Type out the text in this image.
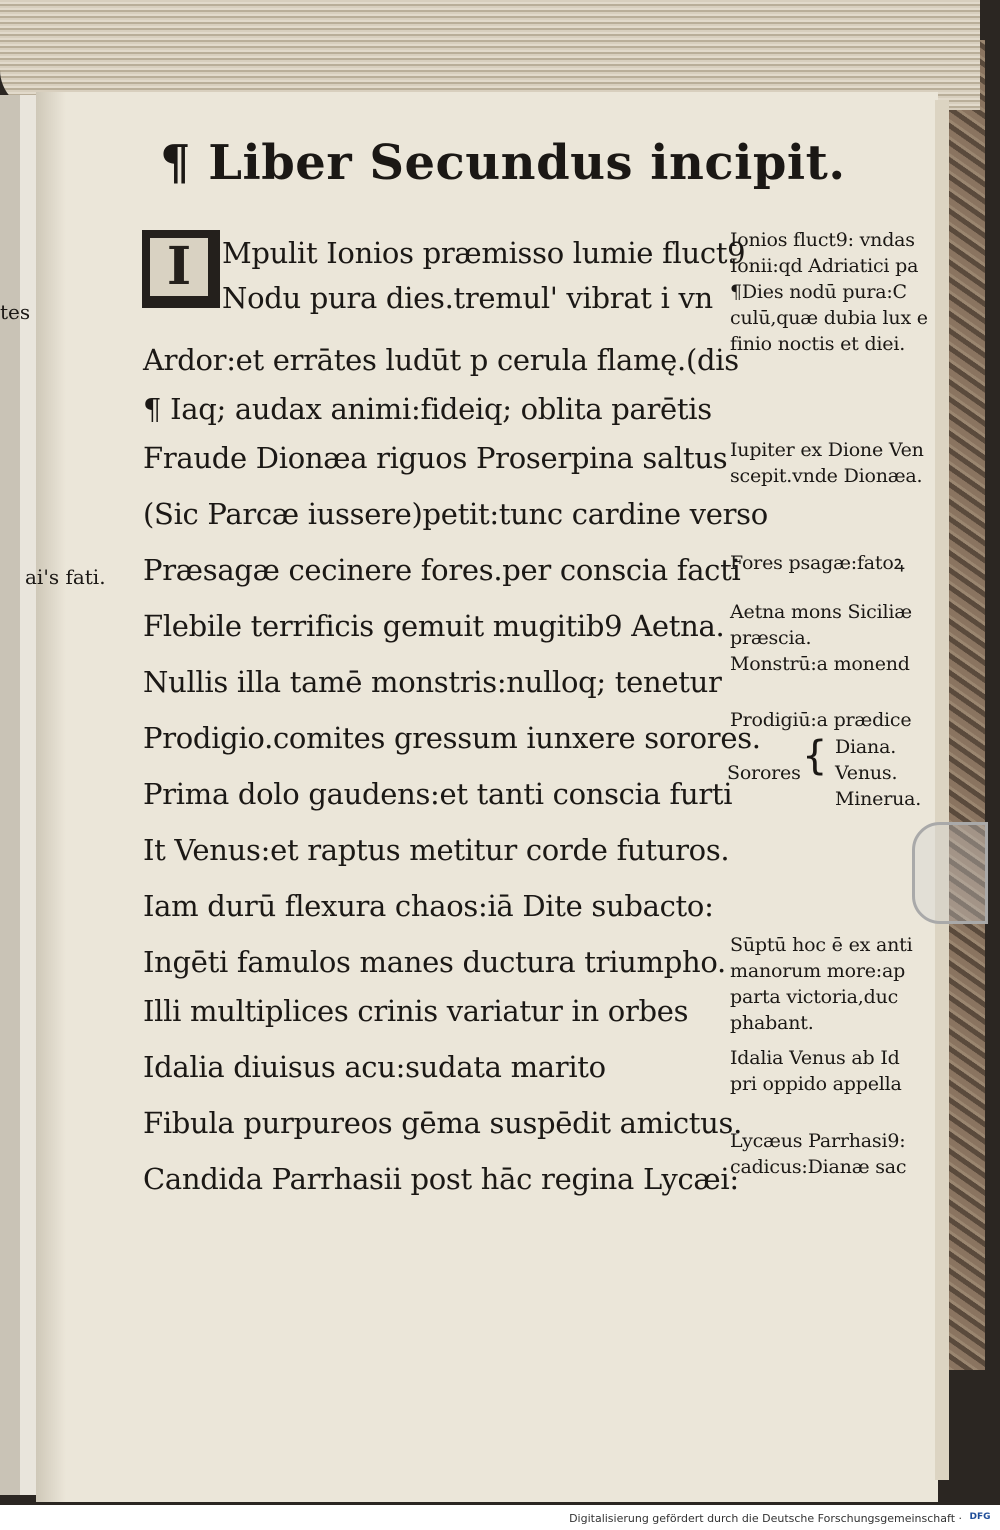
tes
ai's fati.
¶ Liber Secundus incipit.
I	Mpulit Ionios præmisso lumie fluct9
Nodu pura dies.tremul' vibrat i vn
Ardor:et errātes ludūt p cerula flamę.(dis
¶ Iaq; audax animi:fideiq; oblita parētis
Fraude Dionæa riguos Proserpina saltus
(Sic Parcæ iussere)petit:tunc cardine verso
Præsagæ cecinere fores.per conscia facti
Flebile terrificis gemuit mugitib9 Aetna.
Nullis illa tamē monstris:nulloq; tenetur
Prodigio.comites gressum iunxere sorores.
Prima dolo gaudens:et tanti conscia furti
It Venus:et raptus metitur corde futuros.
Iam durū flexura chaos:iā Dite subacto:
Ingēti famulos manes ductura triumpho.
Illi multiplices crinis variatur in orbes
Idalia diuisus acu:sudata marito
Fibula purpureos gēma suspēdit amictus.
Candida Parrhasii post hāc regina Lycæi:
Ionios fluct9: vndas
Ionii:qd Adriatici pa
¶Dies nodū pura:C
culū,quæ dubia lux e
finio noctis et diei.
Iupiter ex Dione Ven
scepit.vnde Dionæa.
Fores psagæ:fatoꝝ
Aetna mons Siciliæ
præscia.
Monstrū:a monend
Prodigiū:a prædice
Sorores { Diana.
Venus.
Minerua.
Sūptū hoc ē ex anti
manorum more:ap
parta victoria,duc
phabant.
Idalia Venus ab Id
pri oppido appella
Lycæus Parrhasi9:
cadicus:Dianæ sac
Digitalisierung gefördert durch die Deutsche Forschungsgemeinschaft · DFG
